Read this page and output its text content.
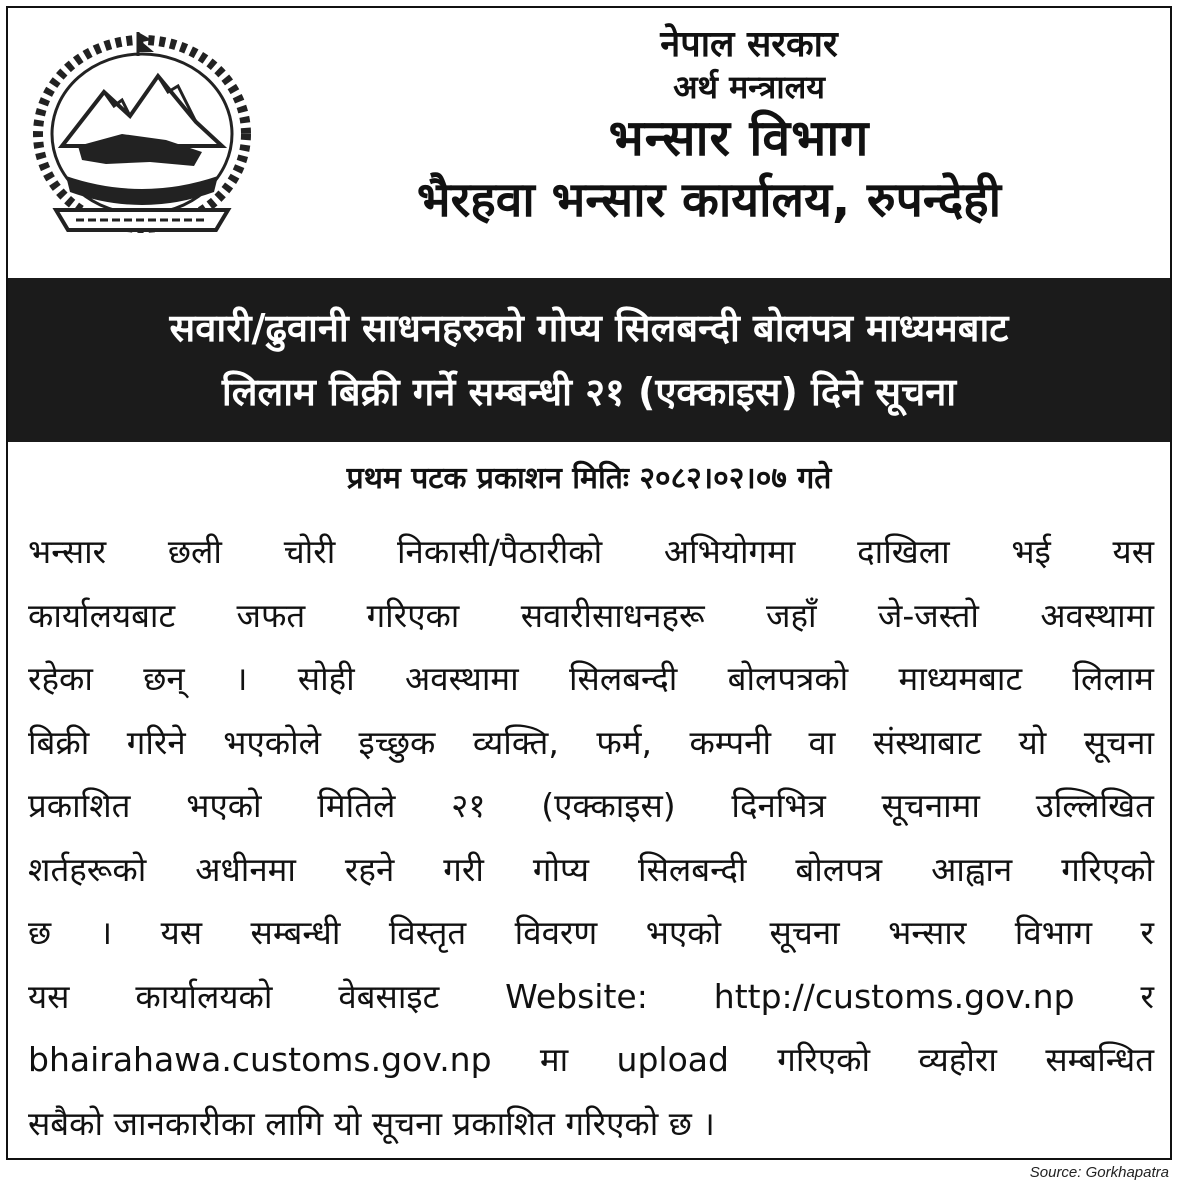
नेपाल सरकार
अर्थ मन्त्रालय
भन्सार विभाग
भैरहवा भन्सार कार्यालय, रुपन्देही
सवारी/ढुवानी साधनहरुको गोप्य सिलबन्दी बोलपत्र माध्यमबाट
लिलाम बिक्री गर्ने सम्बन्धी २१ (एक्काइस) दिने सूचना
प्रथम पटक प्रकाशन मितिः २०८२।०२।०७ गते
भन्सार छली चोरी निकासी/पैठारीको अभियोगमा दाखिला भई यस
कार्यालयबाट जफत गरिएका सवारीसाधनहरू जहाँ जे-जस्तो अवस्थामा
रहेका छन् । सोही अवस्थामा सिलबन्दी बोलपत्रको माध्यमबाट लिलाम
बिक्री गरिने भएकोले इच्छुक व्यक्ति, फर्म, कम्पनी वा संस्थाबाट यो सूचना
प्रकाशित भएको मितिले २१ (एक्काइस) दिनभित्र सूचनामा उल्लिखित
शर्तहरूको अधीनमा रहने गरी गोप्य सिलबन्दी बोलपत्र आह्वान गरिएको
छ । यस सम्बन्धी विस्तृत विवरण भएको सूचना भन्सार विभाग र
यस कार्यालयको वेबसाइट Website: http://customs.gov.np र
bhairahawa.customs.gov.np मा upload गरिएको व्यहोरा सम्बन्धित
सबैको जानकारीका लागि यो सूचना प्रकाशित गरिएको छ ।
Source: Gorkhapatra
